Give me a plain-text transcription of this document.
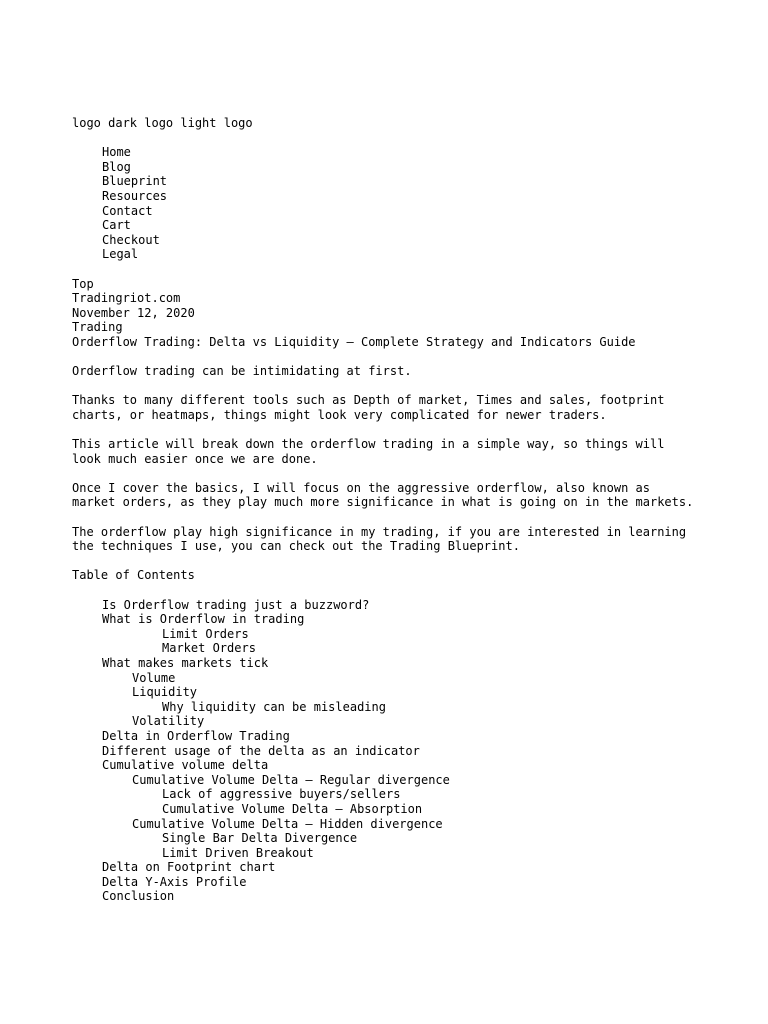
logo dark logo light logo
Home
Blog
Blueprint
Resources
Contact
Cart
Checkout
Legal
Top
Tradingriot.com
November 12, 2020
Trading
Orderflow Trading: Delta vs Liquidity – Complete Strategy and Indicators Guide
Orderflow trading can be intimidating at first.
Thanks to many different tools such as Depth of market, Times and sales, footprint charts, or heatmaps, things might look very complicated for newer traders.
This article will break down the orderflow trading in a simple way, so things will look much easier once we are done.
Once I cover the basics, I will focus on the aggressive orderflow, also known as market orders, as they play much more significance in what is going on in the markets.
The orderflow play high significance in my trading, if you are interested in learning the techniques I use, you can check out the Trading Blueprint.
Table of Contents
Is Orderflow trading just a buzzword?
What is Orderflow in trading
Limit Orders
Market Orders
What makes markets tick
Volume
Liquidity
Why liquidity can be misleading
Volatility
Delta in Orderflow Trading
Different usage of the delta as an indicator
Cumulative volume delta
Cumulative Volume Delta – Regular divergence
Lack of aggressive buyers/sellers
Cumulative Volume Delta – Absorption
Cumulative Volume Delta – Hidden divergence
Single Bar Delta Divergence
Limit Driven Breakout
Delta on Footprint chart
Delta Y-Axis Profile
Conclusion
